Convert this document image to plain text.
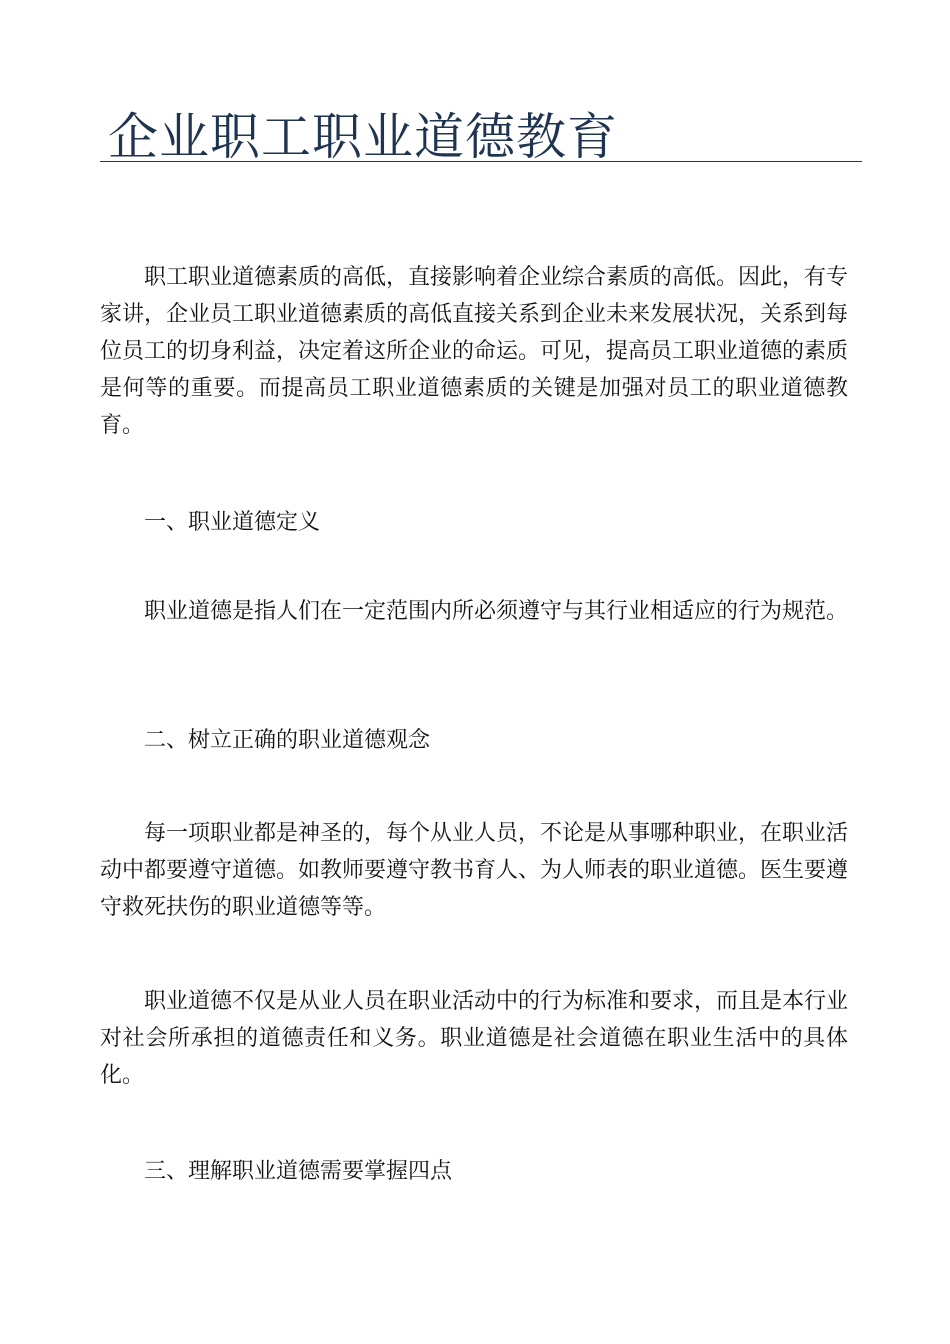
企业职工职业道德教育

职工职业道德素质的高低，直接影响着企业综合素质的高低。因此，有专家讲，企业员工职业道德素质的高低直接关系到企业未来发展状况，关系到每位员工的切身利益，决定着这所企业的命运。可见，提高员工职业道德的素质是何等的重要。而提高员工职业道德素质的关键是加强对员工的职业道德教育。

一、职业道德定义

职业道德是指人们在一定范围内所必须遵守与其行业相适应的行为规范。

二、树立正确的职业道德观念

每一项职业都是神圣的，每个从业人员，不论是从事哪种职业，在职业活动中都要遵守道德。如教师要遵守教书育人、为人师表的职业道德。医生要遵守救死扶伤的职业道德等等。

职业道德不仅是从业人员在职业活动中的行为标准和要求，而且是本行业对社会所承担的道德责任和义务。职业道德是社会道德在职业生活中的具体化。

三、理解职业道德需要掌握四点
